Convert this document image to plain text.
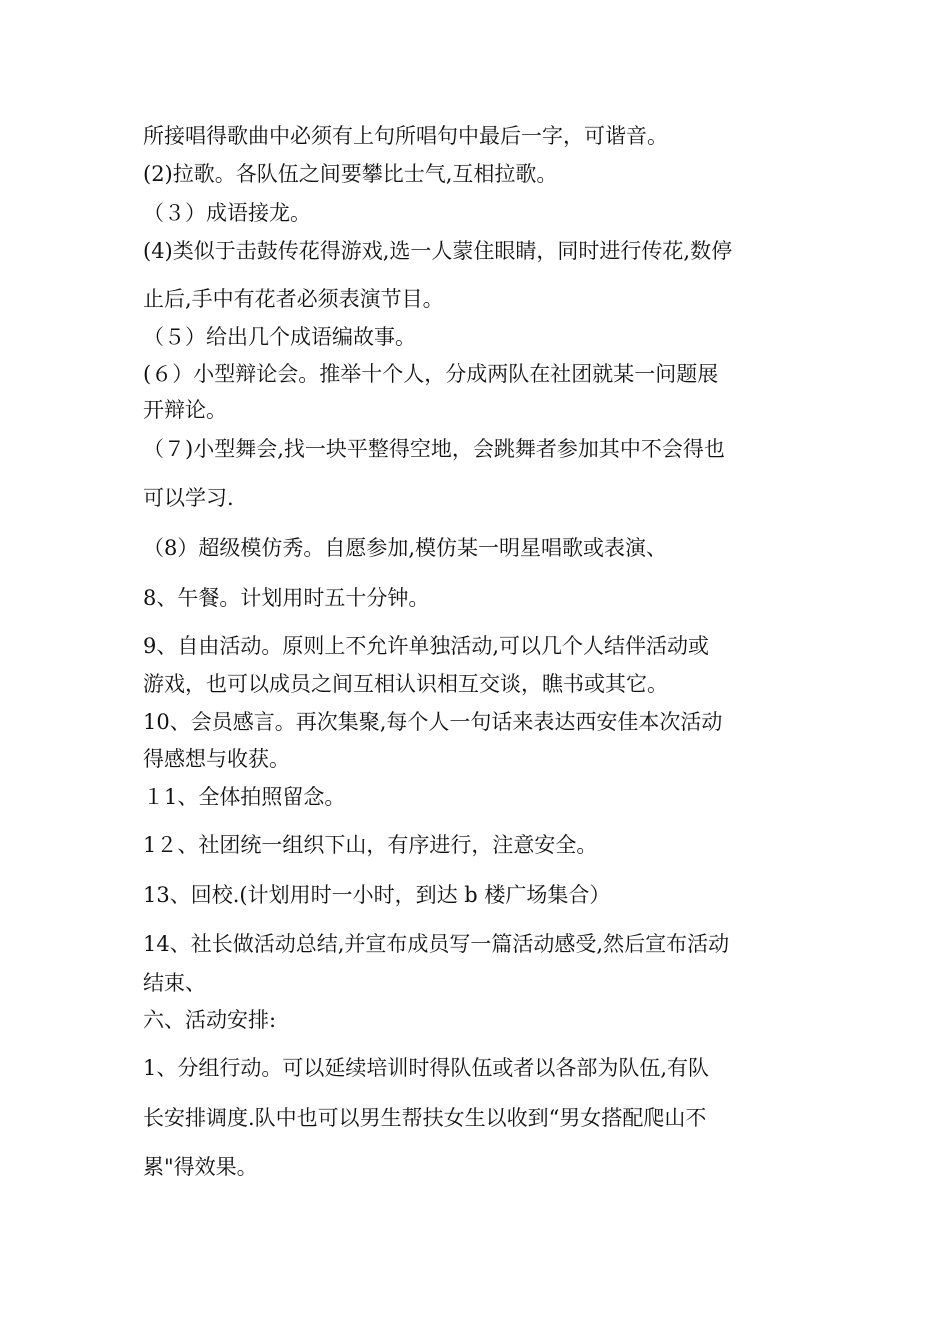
所接唱得歌曲中必须有上句所唱句中最后一字，可谐音。
(2)拉歌。各队伍之间要攀比士气,互相拉歌。
（３）成语接龙。
(4)类似于击鼓传花得游戏,选一人蒙住眼睛，同时进行传花,数停
止后,手中有花者必须表演节目。
（５）给出几个成语编故事。
(６）小型辩论会。推举十个人，分成两队在社团就某一问题展
开辩论。
（７)小型舞会,找一块平整得空地，会跳舞者参加其中不会得也
可以学习.
（8）超级模仿秀。自愿参加,模仿某一明星唱歌或表演、
8、午餐。计划用时五十分钟。
9、自由活动。原则上不允许单独活动,可以几个人结伴活动或
游戏，也可以成员之间互相认识相互交谈，瞧书或其它。
10、会员感言。再次集聚,每个人一句话来表达西安佳本次活动
得感想与收获。
１1、全体拍照留念。
1２、社团统一组织下山，有序进行，注意安全。
13、回校.(计划用时一小时，到达 b 楼广场集合）
14、社长做活动总结,并宣布成员写一篇活动感受,然后宣布活动
结束、
六、活动安排:
1、分组行动。可以延续培训时得队伍或者以各部为队伍,有队
长安排调度.队中也可以男生帮扶女生以收到“男女搭配爬山不
累"得效果。
